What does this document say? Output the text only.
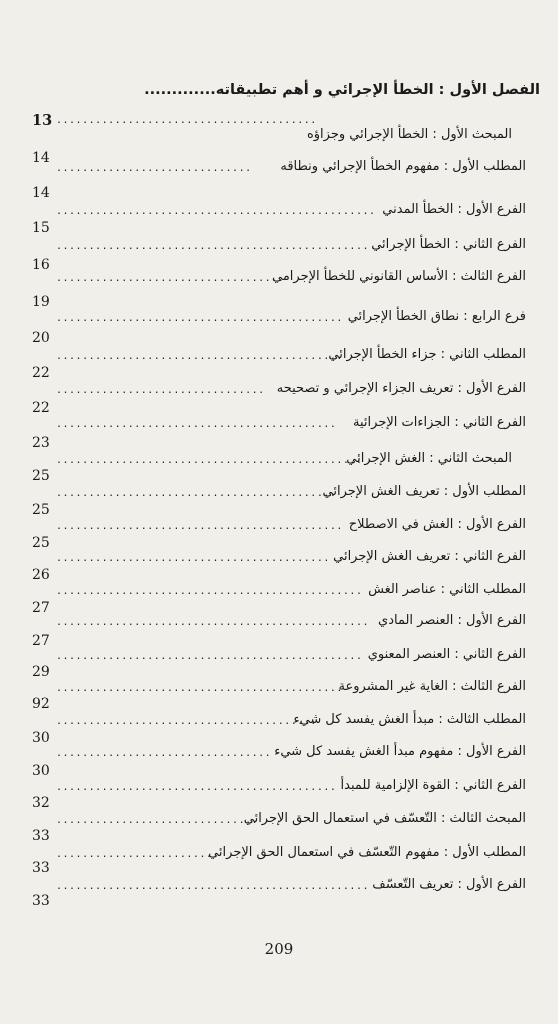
الفصل الأول : الخطأ الإجرائي و أهم تطبيقاته.............
13 ........................................
المبحث الأول : الخطأ الإجرائي وجزاؤه
14
المطلب الأول : مفهوم الخطأ الإجرائي ونطاقه
..............................
14
الفرع الأول : الخطأ المدني
.................................................
15
الفرع الثاني : الخطأ الإجرائي
................................................
16
الفرع الثالث : الأساس القانوني للخطأ الإجرامي
...................................
19
فرع الرابع : نطاق الخطأ الإجرائي
............................................
20
المطلب الثاني : جزاء الخطأ الإجرائي
............................................
22
الفرع الأول : تعريف الجزاء الإجرائي و تصحيحه
................................
22
الفرع الثاني : الجزاءات الإجرائية
...........................................
23
المبحث الثاني : الغش الإجرائي
...............................................
25
المطلب الأول : تعريف الغش الإجرائي
...........................................
25
الفرع الأول : الغش في الاصطلاح
............................................
25
الفرع الثاني : تعريف الغش الإجرائي
..........................................
26
المطلب الثاني : عناصر الغش
...............................................
27
الفرع الأول : العنصر المادي
................................................
27
الفرع الثاني : العنصر المعنوي
...............................................
29
الفرع الثالث : الغاية غير المشروعة
............................................
92
المطلب الثالث : مبدأ الغش يفسد كل شيء
........................................
30
الفرع الأول : مفهوم مبدأ الغش يفسد كل شيء
.................................
30
الفرع الثاني : القوة الإلزامية للمبدأ
...........................................
32
المبحث الثالث : التّعسّف في استعمال الحق الإجرائي
...............................
33
المطلب الأول : مفهوم التّعسّف في استعمال الحق الإجرائي
.........................
33
الفرع الأول : تعريف التّعسّف
................................................
33
209
